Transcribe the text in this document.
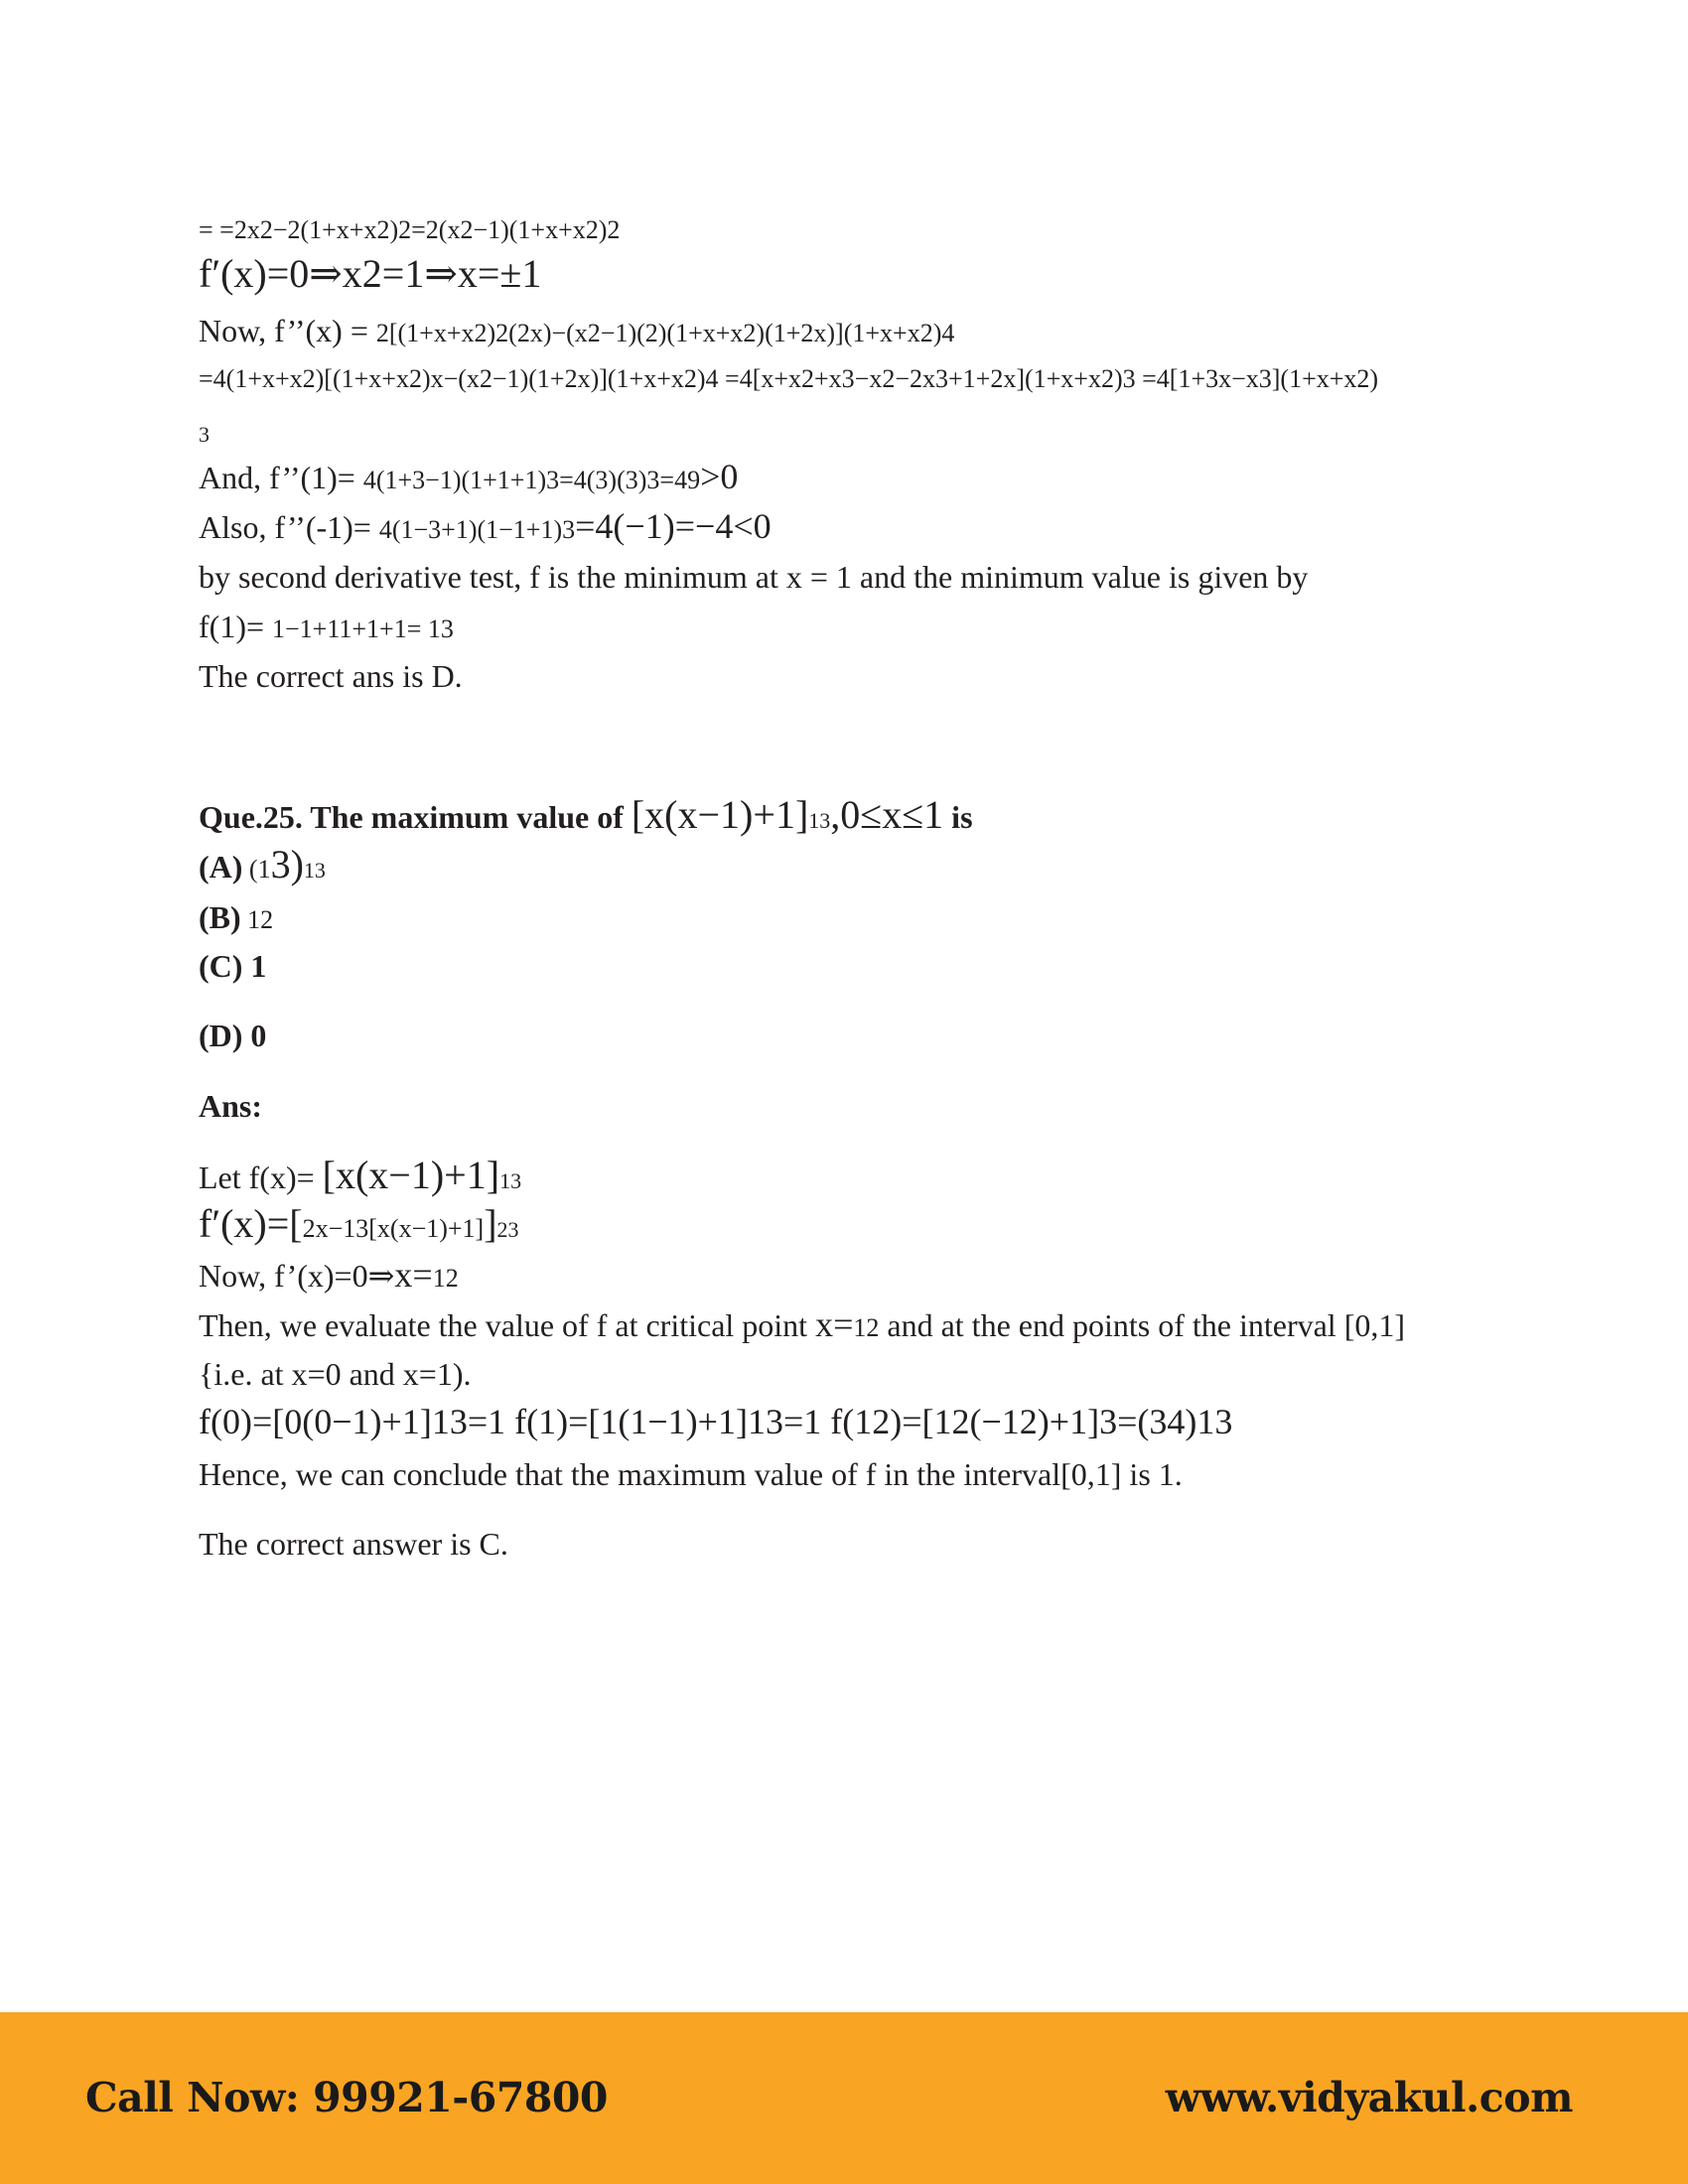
= =2x2−2(1+x+x2)2=2(x2−1)(1+x+x2)2
f′(x)=0⇒x2=1⇒x=±1
Now, f’’(x) = 2[(1+x+x2)2(2x)−(x2−1)(2)(1+x+x2)(1+2x)](1+x+x2)4
=4(1+x+x2)[(1+x+x2)x−(x2−1)(1+2x)](1+x+x2)4 =4[x+x2+x3−x2−2x3+1+2x](1+x+x2)3 =4[1+3x−x3](1+x+x2)
3
And, f’’(1)= 4(1+3−1)(1+1+1)3=4(3)(3)3=49>0
Also, f’’(-1)= 4(1−3+1)(1−1+1)3=4(−1)=−4<0
by second derivative test, f is the minimum at x = 1 and the minimum value is given by
f(1)= 1−1+11+1+1= 13
The correct ans is D.
Que.25. The maximum value of [x(x−1)+1]13,0≤x≤1 is
(A) (13)13
(B) 12
(C) 1
(D) 0
Ans:
Let f(x)= [x(x−1)+1]13
f′(x)=[2x−13[x(x−1)+1]]23
Now, f’(x)=0⇒x=12
Then, we evaluate the value of f at critical point x=12 and at the end points of the interval [0,1]
{i.e. at x=0 and x=1).
f(0)=[0(0−1)+1]13=1 f(1)=[1(1−1)+1]13=1 f(12)=[12(−12)+1]3=(34)13
Hence, we can conclude that the maximum value of f in the interval[0,1] is 1.
The correct answer is C.
Call Now: 99921-67800	www.vidyakul.com
